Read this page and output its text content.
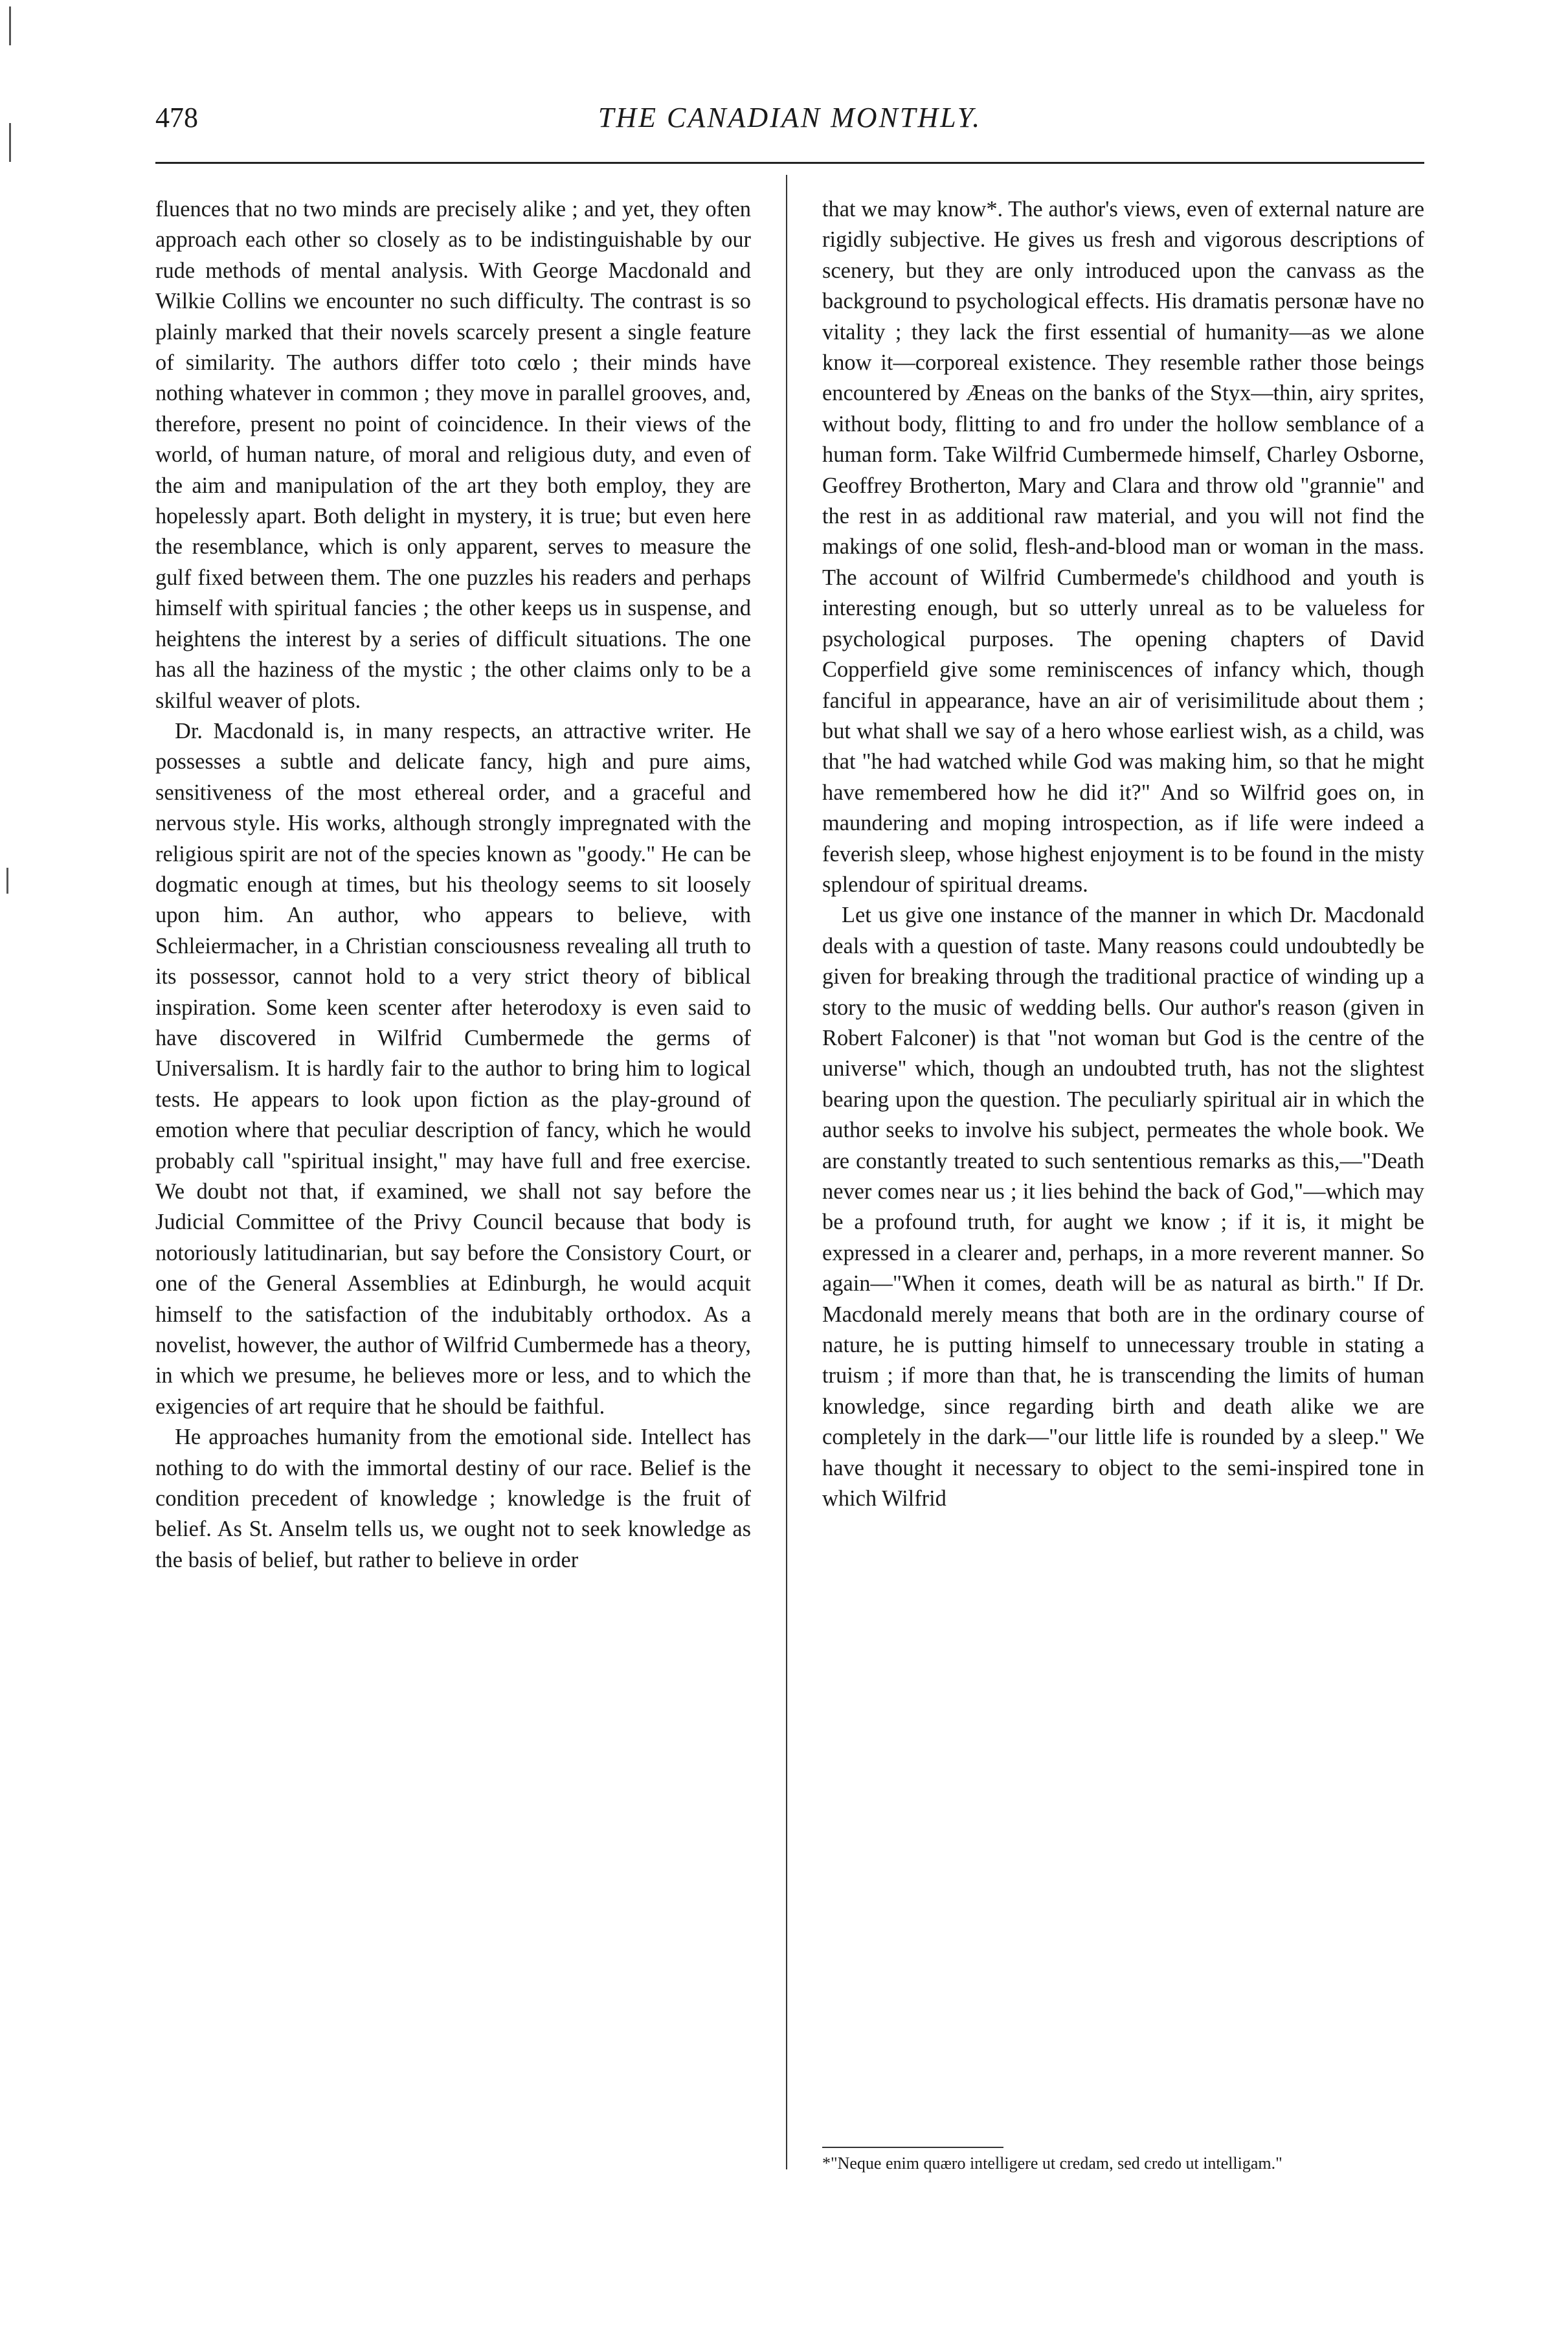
478	THE CANADIAN MONTHLY.

fluences that no two minds are precisely alike ; and yet, they often approach each other so closely as to be indistinguishable by our rude methods of mental analysis. With George Macdonald and Wilkie Collins we encounter no such difficulty. The contrast is so plainly marked that their novels scarcely present a single feature of similarity. The authors differ toto cœlo ; their minds have nothing whatever in common ; they move in parallel grooves, and, therefore, present no point of coincidence. In their views of the world, of human nature, of moral and religious duty, and even of the aim and manipulation of the art they both employ, they are hopelessly apart. Both delight in mystery, it is true; but even here the resemblance, which is only apparent, serves to measure the gulf fixed between them. The one puzzles his readers and perhaps himself with spiritual fancies ; the other keeps us in suspense, and heightens the interest by a series of difficult situations. The one has all the haziness of the mystic ; the other claims only to be a skilful weaver of plots.

Dr. Macdonald is, in many respects, an attractive writer. He possesses a subtle and delicate fancy, high and pure aims, sensitiveness of the most ethereal order, and a graceful and nervous style. His works, although strongly impregnated with the religious spirit are not of the species known as "goody." He can be dogmatic enough at times, but his theology seems to sit loosely upon him. An author, who appears to believe, with Schleiermacher, in a Christian consciousness revealing all truth to its possessor, cannot hold to a very strict theory of biblical inspiration. Some keen scenter after heterodoxy is even said to have discovered in Wilfrid Cumbermede the germs of Universalism. It is hardly fair to the author to bring him to logical tests. He appears to look upon fiction as the play-ground of emotion where that peculiar description of fancy, which he would probably call "spiritual insight," may have full and free exercise. We doubt not that, if examined, we shall not say before the Judicial Committee of the Privy Council because that body is notoriously latitudinarian, but say before the Consistory Court, or one of the General Assemblies at Edinburgh, he would acquit himself to the satisfaction of the indubitably orthodox. As a novelist, however, the author of Wilfrid Cumbermede has a theory, in which we presume, he believes more or less, and to which the exigencies of art require that he should be faithful.

He approaches humanity from the emotional side. Intellect has nothing to do with the immortal destiny of our race. Belief is the condition precedent of knowledge ; knowledge is the fruit of belief. As St. Anselm tells us, we ought not to seek knowledge as the basis of belief, but rather to believe in order

that we may know*. The author's views, even of external nature are rigidly subjective. He gives us fresh and vigorous descriptions of scenery, but they are only introduced upon the canvass as the background to psychological effects. His dramatis personæ have no vitality ; they lack the first essential of humanity—as we alone know it—corporeal existence. They resemble rather those beings encountered by Æneas on the banks of the Styx—thin, airy sprites, without body, flitting to and fro under the hollow semblance of a human form. Take Wilfrid Cumbermede himself, Charley Osborne, Geoffrey Brotherton, Mary and Clara and throw old "grannie" and the rest in as additional raw material, and you will not find the makings of one solid, flesh-and-blood man or woman in the mass. The account of Wilfrid Cumbermede's childhood and youth is interesting enough, but so utterly unreal as to be valueless for psychological purposes. The opening chapters of David Copperfield give some reminiscences of infancy which, though fanciful in appearance, have an air of verisimilitude about them ; but what shall we say of a hero whose earliest wish, as a child, was that "he had watched while God was making him, so that he might have remembered how he did it?" And so Wilfrid goes on, in maundering and moping introspection, as if life were indeed a feverish sleep, whose highest enjoyment is to be found in the misty splendour of spiritual dreams.

Let us give one instance of the manner in which Dr. Macdonald deals with a question of taste. Many reasons could undoubtedly be given for breaking through the traditional practice of winding up a story to the music of wedding bells. Our author's reason (given in Robert Falconer) is that "not woman but God is the centre of the universe" which, though an undoubted truth, has not the slightest bearing upon the question. The peculiarly spiritual air in which the author seeks to involve his subject, permeates the whole book. We are constantly treated to such sententious remarks as this,—"Death never comes near us ; it lies behind the back of God,"—which may be a profound truth, for aught we know ; if it is, it might be expressed in a clearer and, perhaps, in a more reverent manner. So again—"When it comes, death will be as natural as birth." If Dr. Macdonald merely means that both are in the ordinary course of nature, he is putting himself to unnecessary trouble in stating a truism ; if more than that, he is transcending the limits of human knowledge, since regarding birth and death alike we are completely in the dark—"our little life is rounded by a sleep." We have thought it necessary to object to the semi-inspired tone in which Wilfrid

*"Neque enim quæro intelligere ut credam, sed credo ut intelligam."
